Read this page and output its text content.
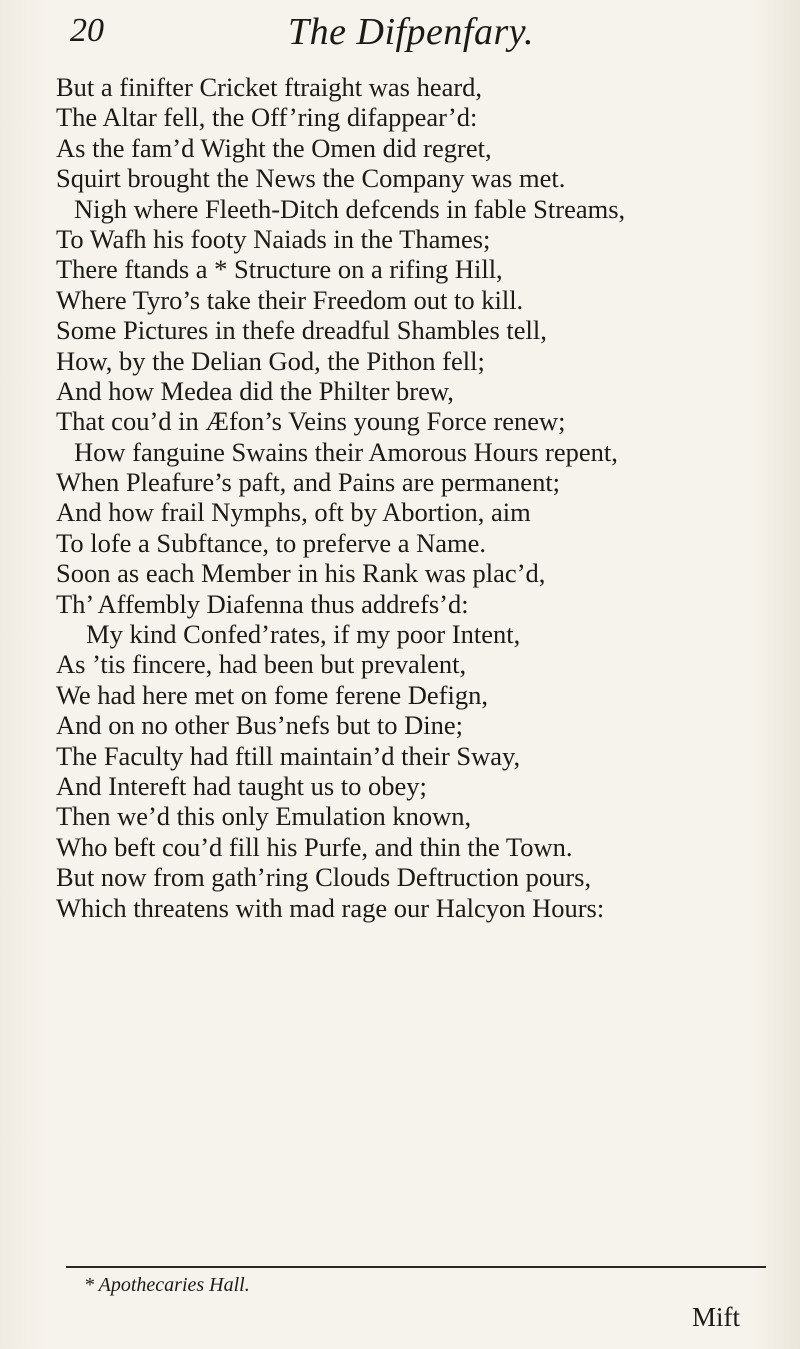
20	The Difpenfary.
But a finifter Cricket ftraight was heard,
The Altar fell, the Off’ring difappear’d:
As the fam’d Wight the Omen did regret,
Squirt brought the News the Company was met.
Nigh where Fleeth-Ditch defcends in fable Streams,
To Wafh his footy Naiads in the Thames;
There ftands a * Structure on a rifing Hill,
Where Tyro’s take their Freedom out to kill.
Some Pictures in thefe dreadful Shambles tell,
How, by the Delian God, the Pithon fell;
And how Medea did the Philter brew,
That cou’d in Æfon’s Veins young Force renew;
How fanguine Swains their Amorous Hours repent,
When Pleafure’s paft, and Pains are permanent;
And how frail Nymphs, oft by Abortion, aim
To lofe a Subftance, to preferve a Name.
Soon as each Member in his Rank was plac’d,
Th’ Affembly Diafenna thus addrefs’d:
My kind Confed’rates, if my poor Intent,
As ’tis fincere, had been but prevalent,
We had here met on fome ferene Defign,
And on no other Bus’nefs but to Dine;
The Faculty had ftill maintain’d their Sway,
And Intereft had taught us to obey;
Then we’d this only Emulation known,
Who beft cou’d fill his Purfe, and thin the Town.
But now from gath’ring Clouds Deftruction pours,
Which threatens with mad rage our Halcyon Hours:
* Apothecaries Hall.
Mift
